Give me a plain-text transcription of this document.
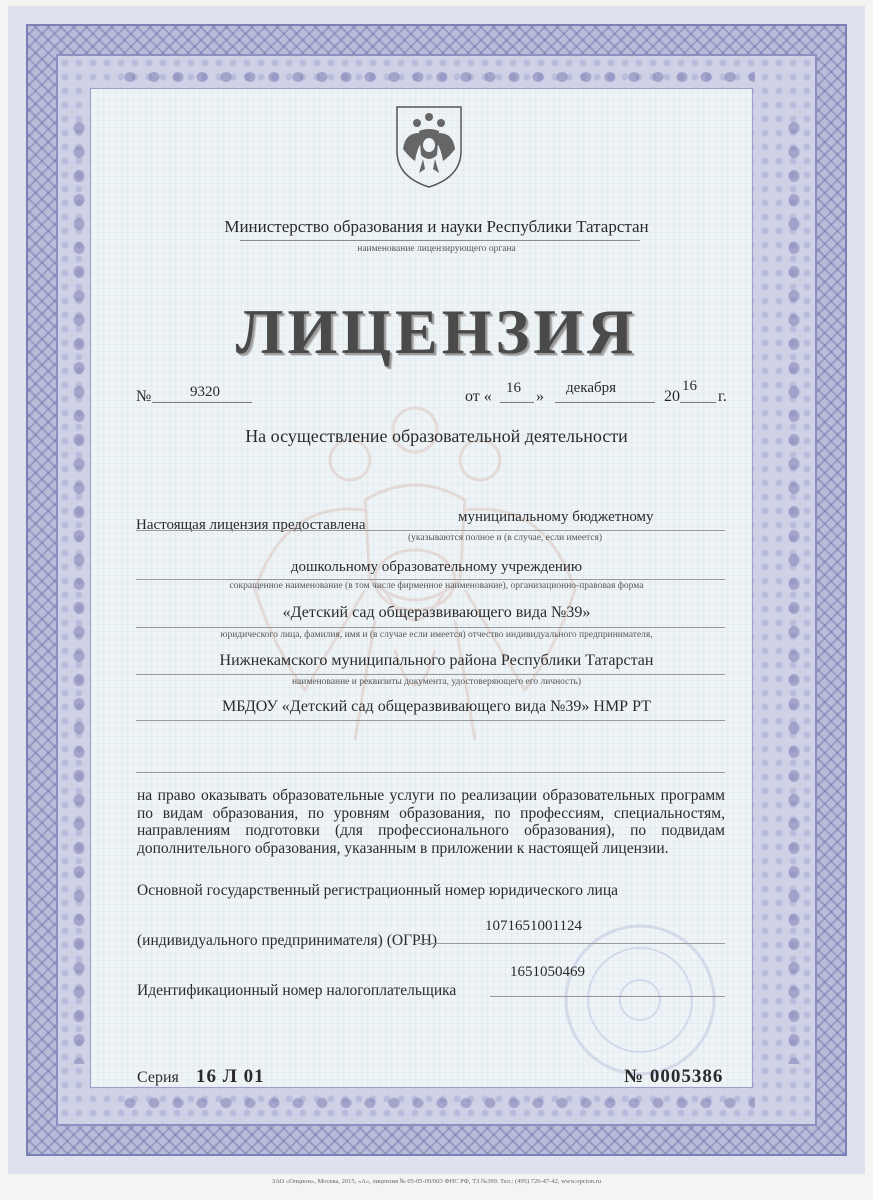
Министерство образования и науки Республики Татарстан
наименование лицензирующего органа
ЛИЦЕНЗИЯ
№	9320	от « 16 » декабря	20
16
г.
На осуществление образовательной деятельности
Настоящая лицензия предоставлена	муниципальному бюджетному
(указываются полное и (в случае, если имеется)
дошкольному образовательному учреждению
сокращенное наименование (в том числе фирменное наименование), организационно-правовая форма
«Детский сад общеразвивающего вида №39»
юридического лица, фамилия, имя и (в случае если имеется) отчество индивидуального предпринимателя,
Нижнекамского муниципального района Республики Татарстан
наименование и реквизиты документа, удостоверяющего его личность)
МБДОУ «Детский сад общеразвивающего вида №39» НМР РТ
на право оказывать образовательные услуги по реализации образовательных программ по видам образования, по уровням образования, по профессиям, специальностям, направлениям подготовки (для профессионального образования), по подвидам дополнительного образования, указанным в приложении к настоящей лицензии.
Основной государственный регистрационный номер юридического лица
(индивидуального предпринимателя) (ОГРН)
1071651001124
Идентификационный номер налогоплательщика
1651050469
Серия 16 Л 01	№ 0005386
ЗАО «Опцион», Москва, 2015, «А», лицензия № 05-05-09/003 ФНС РФ, ТЗ №399. Тел.: (495) 726-47-42, www.opcion.ru
